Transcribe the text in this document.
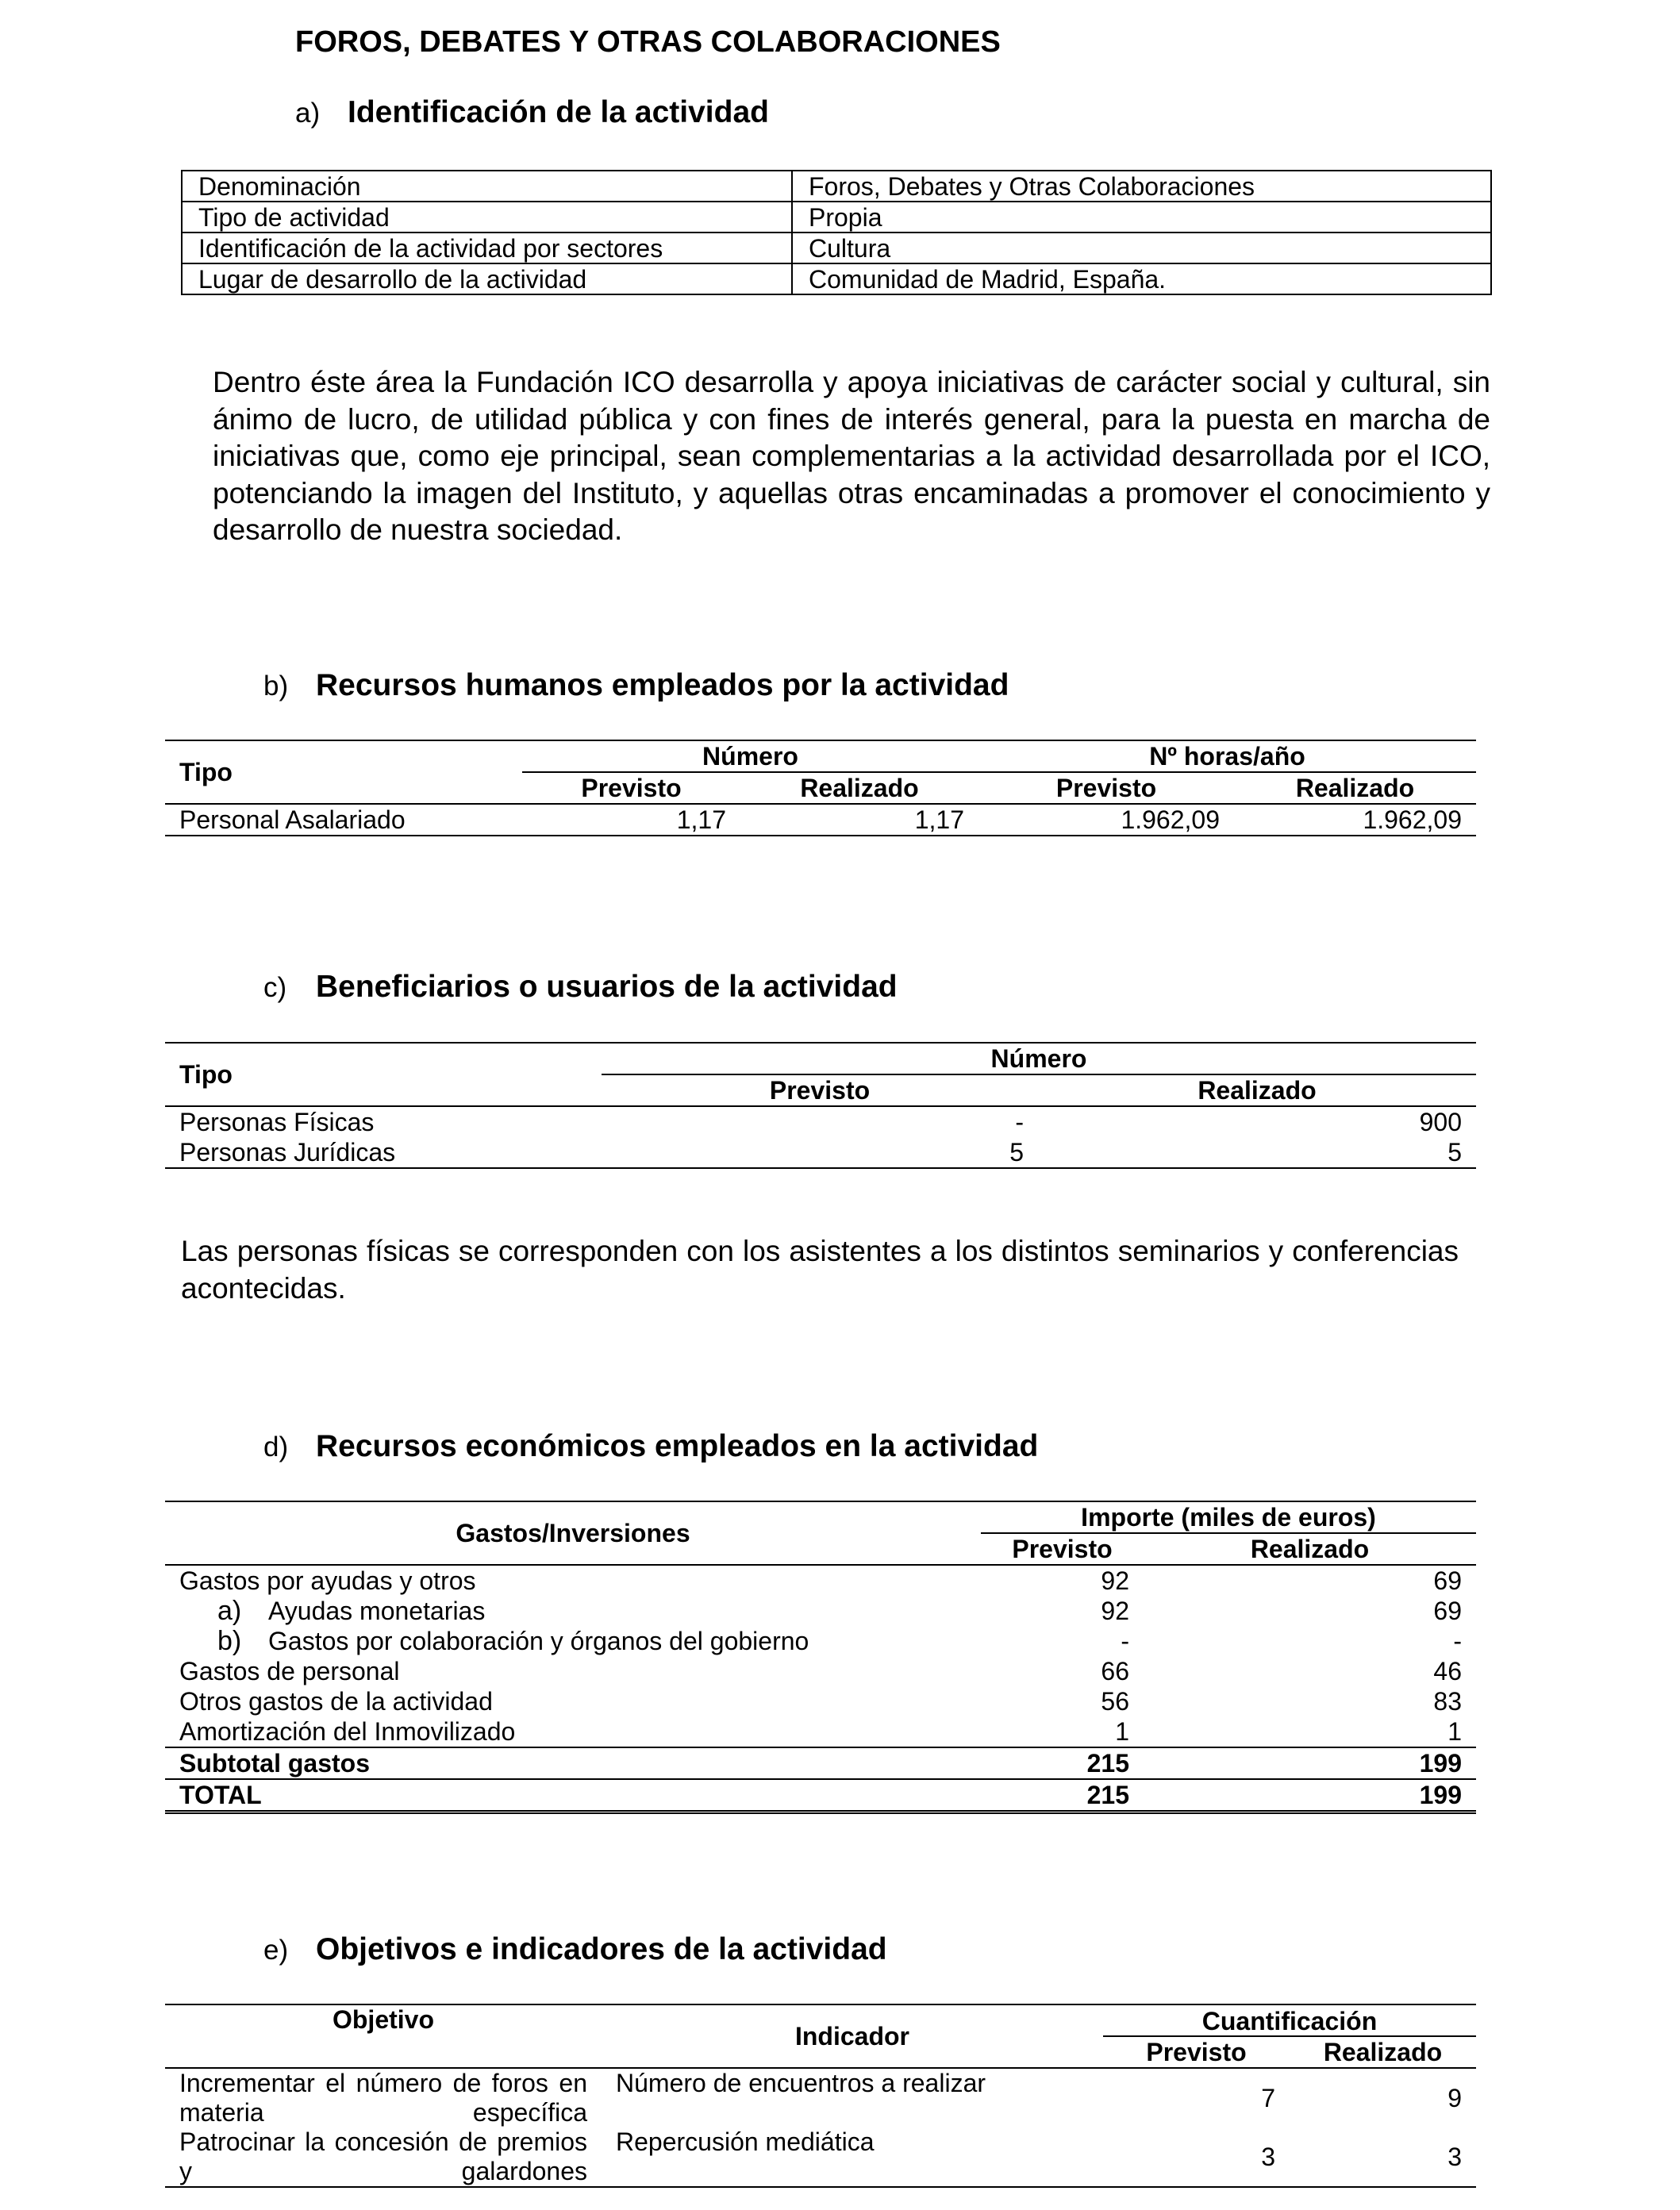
FOROS, DEBATES Y OTRAS COLABORACIONES
a) Identificación de la actividad
Denominación	Foros, Debates y Otras Colaboraciones
Tipo de actividad	Propia
Identificación de la actividad por sectores	Cultura
Lugar de desarrollo de la actividad	Comunidad de Madrid, España.
Dentro éste área la Fundación ICO desarrolla y apoya iniciativas de carácter social y cultural, sin ánimo de lucro, de utilidad pública y con fines de interés general, para la puesta en marcha de iniciativas que, como eje principal, sean complementarias a la actividad desarrollada por el ICO, potenciando la imagen del Instituto, y aquellas otras encaminadas a promover el conocimiento y desarrollo de nuestra sociedad.
b) Recursos humanos empleados por la actividad
Tipo	Número		Nº horas/año	
	Previsto	Realizado	Previsto	Realizado
Personal Asalariado	1,17	1,17	1.962,09	1.962,09
c) Beneficiarios o usuarios de la actividad
Tipo	Número	
	Previsto	Realizado
Personas Físicas	-	900
Personas Jurídicas	5	5
Las personas físicas se corresponden con los asistentes a los distintos seminarios y conferencias acontecidas.
d) Recursos económicos empleados en la actividad
Gastos/Inversiones	Importe (miles de euros)	
	Previsto	Realizado
Gastos por ayudas y otros	92	69
a) Ayudas monetarias	92	69
b) Gastos por colaboración y órganos del gobierno	-	-
Gastos de personal	66	46
Otros gastos de la actividad	56	83
Amortización del Inmovilizado	1	1
Subtotal gastos	215	199
TOTAL	215	199
e) Objetivos e indicadores de la actividad
Objetivo	Indicador	Cuantificación	
		Previsto	Realizado
Incrementar el número de foros en materia específica	Número de encuentros a realizar	7	9
Patrocinar la concesión de premios y galardones	Repercusión mediática	3	3
